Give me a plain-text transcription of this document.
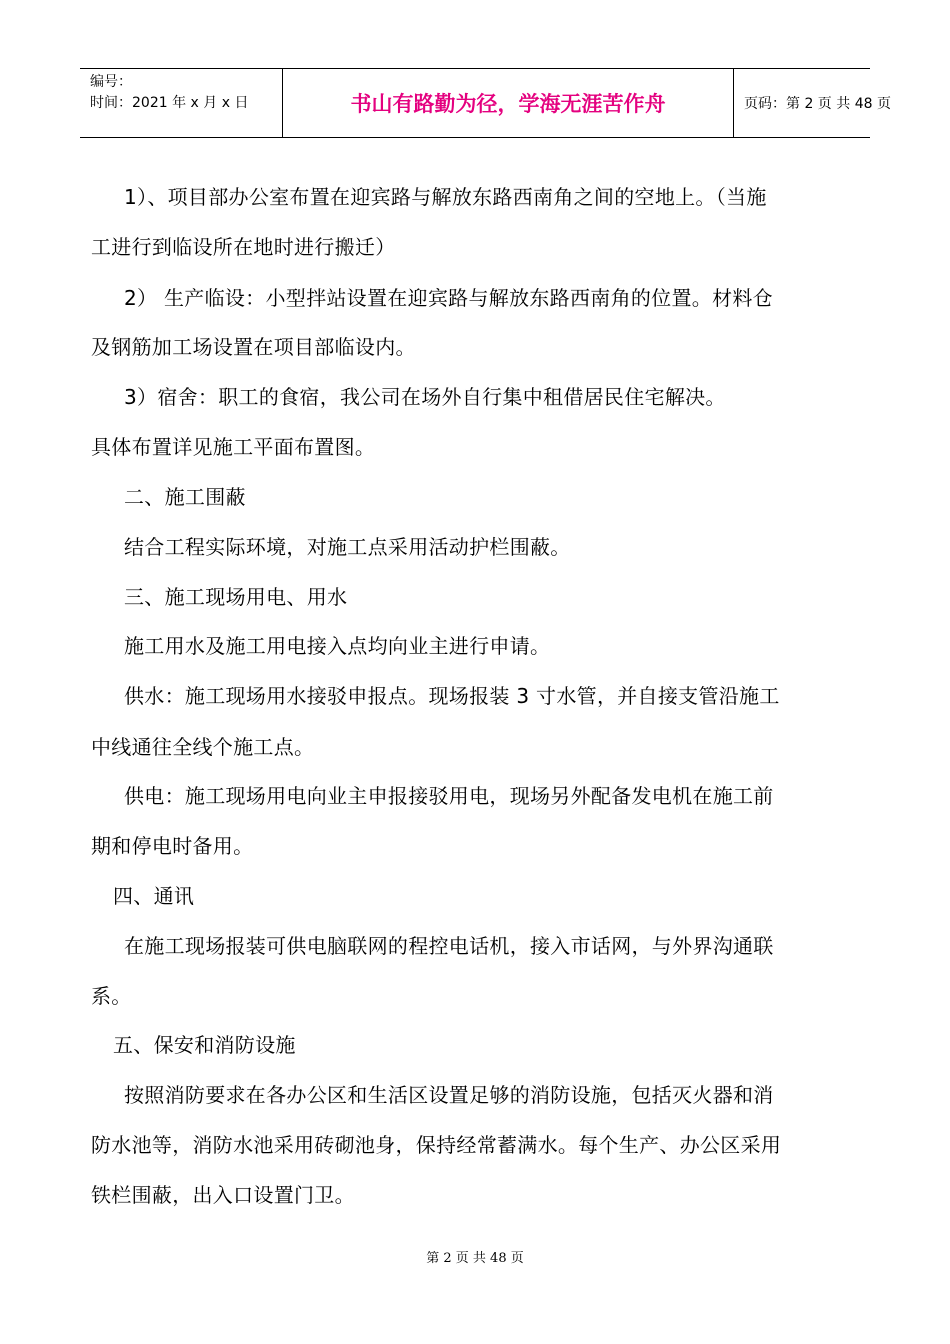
编号：
时间：2021 年 x 月 x 日	书山有路勤为径，学海无涯苦作舟	页码：第 2 页 共 48 页
1）、项目部办公室布置在迎宾路与解放东路西南角之间的空地上。（当施
工进行到临设所在地时进行搬迁）
2） 生产临设：小型拌站设置在迎宾路与解放东路西南角的位置。材料仓
及钢筋加工场设置在项目部临设内。
3）宿舍：职工的食宿，我公司在场外自行集中租借居民住宅解决。
具体布置详见施工平面布置图。
二、施工围蔽
结合工程实际环境，对施工点采用活动护栏围蔽。
三、施工现场用电、用水
施工用水及施工用电接入点均向业主进行申请。
供水：施工现场用水接驳申报点。现场报装 3 寸水管，并自接支管沿施工
中线通往全线个施工点。
供电：施工现场用电向业主申报接驳用电，现场另外配备发电机在施工前
期和停电时备用。
四、通讯
在施工现场报装可供电脑联网的程控电话机，接入市话网，与外界沟通联
系。
五、保安和消防设施
按照消防要求在各办公区和生活区设置足够的消防设施，包括灭火器和消
防水池等，消防水池采用砖砌池身，保持经常蓄满水。每个生产、办公区采用
铁栏围蔽，出入口设置门卫。
第 2 页 共 48 页
